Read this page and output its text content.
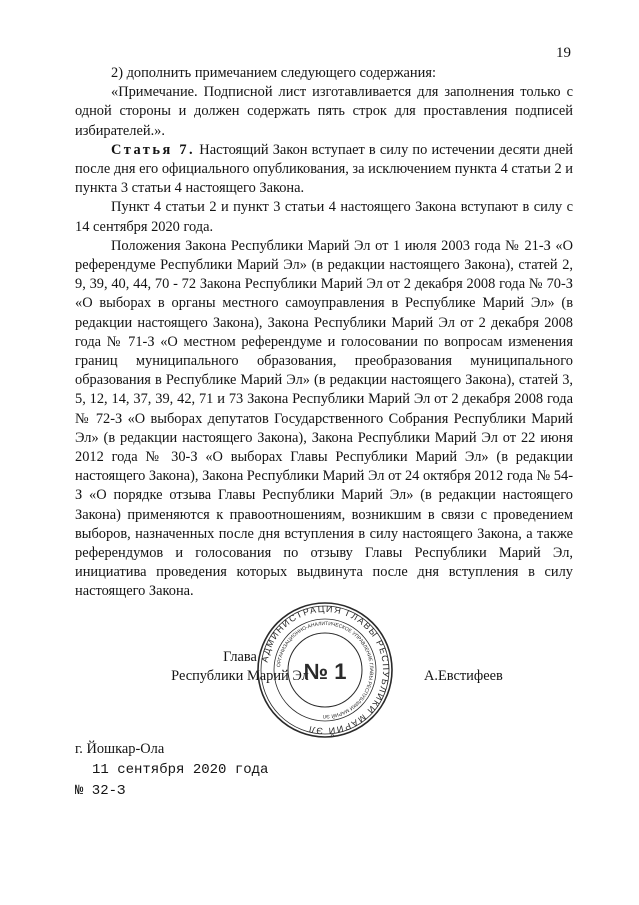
19

2) дополнить примечанием следующего содержания:

«Примечание. Подписной лист изготавливается для заполнения только с одной стороны и должен содержать пять строк для проставления подписей избирателей.».

Статья 7. Настоящий Закон вступает в силу по истечении десяти дней после дня его официального опубликования, за исключением пункта 4 статьи 2 и пункта 3 статьи 4 настоящего Закона.

Пункт 4 статьи 2 и пункт 3 статьи 4 настоящего Закона вступают в силу с 14 сентября 2020 года.

Положения Закона Республики Марий Эл от 1 июля 2003 года № 21-З «О референдуме Республики Марий Эл» (в редакции настоящего Закона), статей 2, 9, 39, 40, 44, 70 - 72 Закона Республики Марий Эл от 2 декабря 2008 года № 70-З «О выборах в органы местного самоуправления в Республике Марий Эл» (в редакции настоящего Закона), Закона Республики Марий Эл от 2 декабря 2008 года № 71-З «О местном референдуме и голосовании по вопросам изменения границ муниципального образования, преобразования муниципального образования в Республике Марий Эл» (в редакции настоящего Закона), статей 3, 5, 12, 14, 37, 39, 42, 71 и 73 Закона Республики Марий Эл от 2 декабря 2008 года № 72-З «О выборах депутатов Государственного Собрания Республики Марий Эл» (в редакции настоящего Закона), Закона Республики Марий Эл от 22 июня 2012 года № 30-З «О выборах Главы Республики Марий Эл» (в редакции настоящего Закона), Закона Республики Марий Эл от 24 октября 2012 года № 54-З «О порядке отзыва Главы Республики Марий Эл» (в редакции настоящего Закона) применяются к правоотношениям, возникшим в связи с проведением выборов, назначенных после дня вступления в силу настоящего Закона, а также референдумов и голосования по отзыву Главы Республики Марий Эл, инициатива проведения которых выдвинута после дня вступления в силу настоящего Закона.

Глава
Республики Марий Эл
АДМИНИСТРАЦИЯ ГЛАВЫ РЕСПУБЛИКИ МАРИЙ ЭЛ
ОРГАНИЗАЦИОННО-АНАЛИТИЧЕСКОЕ УПРАВЛЕНИЕ ГЛАВЫ РЕСПУБЛИКИ МАРИЙ ЭЛ
№ 1	А.Евстифеев
г. Йошкар-Ола
11 сентября 2020 года
№ 32-З
